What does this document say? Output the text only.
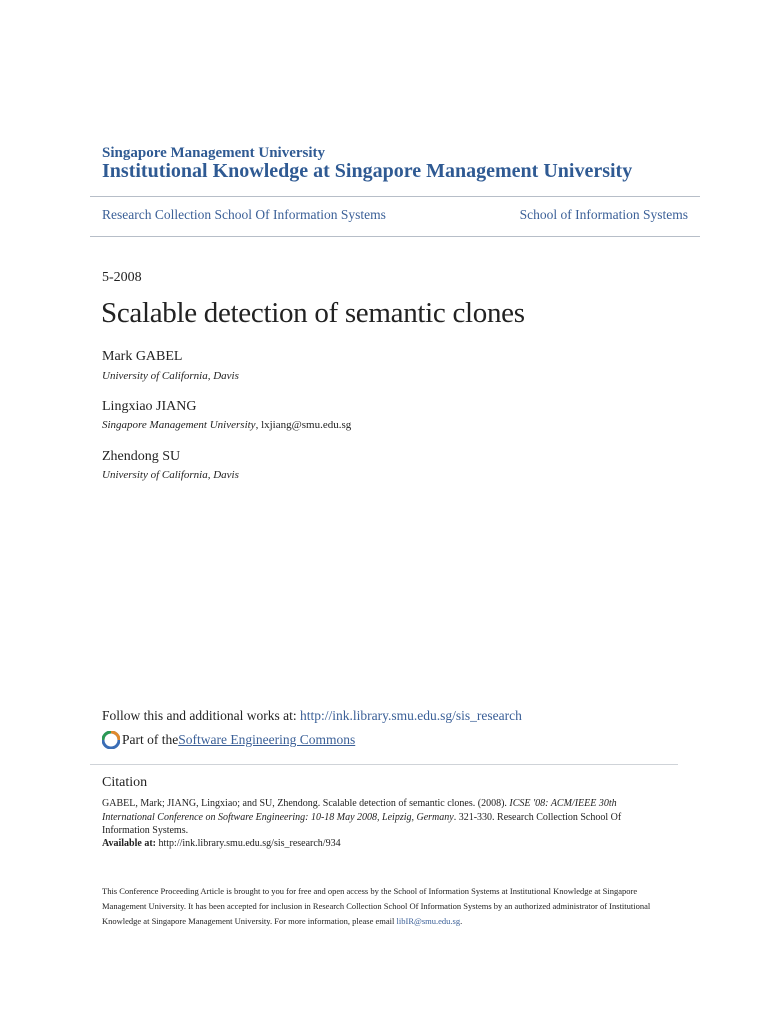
Singapore Management University
Institutional Knowledge at Singapore Management University
Research Collection School Of Information Systems	School of Information Systems
5-2008
Scalable detection of semantic clones
Mark GABEL
University of California, Davis
Lingxiao JIANG
Singapore Management University, lxjiang@smu.edu.sg
Zhendong SU
University of California, Davis
Follow this and additional works at: http://ink.library.smu.edu.sg/sis_research
Part of the Software Engineering Commons
Citation
GABEL, Mark; JIANG, Lingxiao; and SU, Zhendong. Scalable detection of semantic clones. (2008). ICSE '08: ACM/IEEE 30th International Conference on Software Engineering: 10-18 May 2008, Leipzig, Germany. 321-330. Research Collection School Of Information Systems.
Available at: http://ink.library.smu.edu.sg/sis_research/934
This Conference Proceeding Article is brought to you for free and open access by the School of Information Systems at Institutional Knowledge at Singapore Management University. It has been accepted for inclusion in Research Collection School Of Information Systems by an authorized administrator of Institutional Knowledge at Singapore Management University. For more information, please email libIR@smu.edu.sg.
